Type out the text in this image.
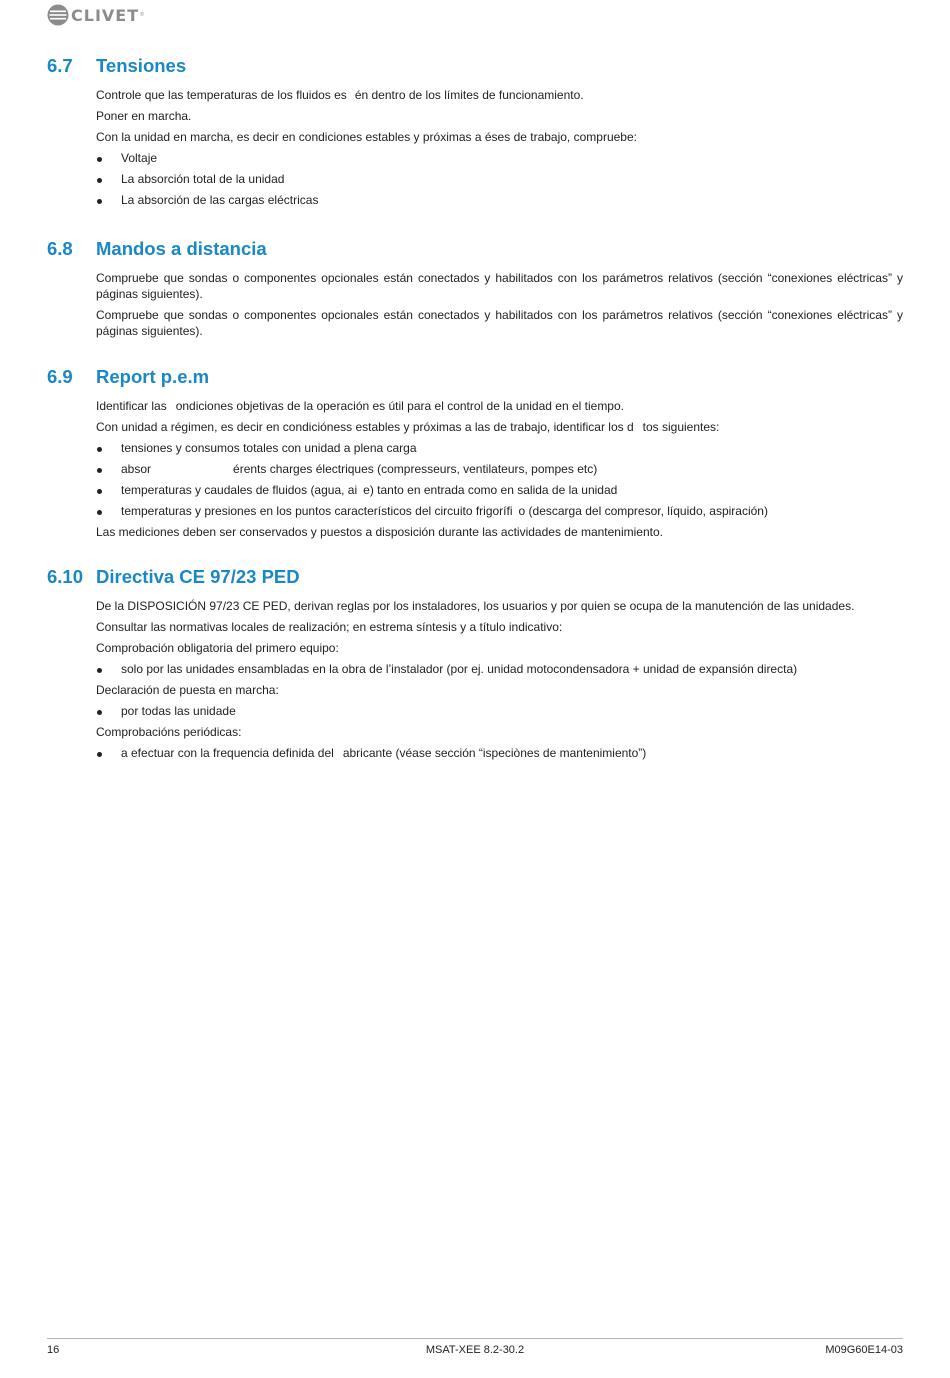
CLIVET ®
6.7	Tensiones

Controle que las temperaturas de los fluidos es én dentro de los límites de funcionamiento.

Poner en marcha.

Con la unidad en marcha, es decir en condiciones estables y próximas a éses de trabajo, compruebe:

Voltaje

La absorción total de la unidad

La absorción de las cargas eléctricas

6.8	Mandos a distancia

Compruebe que sondas o componentes opcionales están conectados y habilitados con los parámetros relativos (sección “conexiones eléctricas” y páginas siguientes).

Compruebe que sondas o componentes opcionales están conectados y habilitados con los parámetros relativos (sección “conexiones eléctricas” y páginas siguientes).

6.9	Report p.e.m

Identificar las ondiciones objetivas de la operación es útil para el control de la unidad en el tiempo.

Con unidad a régimen, es decir en condicióness estables y próximas a las de trabajo, identificar los d tos siguientes:

tensiones y consumos totales con unidad a plena carga

absor	érents charges électriques (compresseurs, ventilateurs, pompes etc)

temperaturas y caudales de fluidos (agua, ai e) tanto en entrada como en salida de la unidad

temperaturas y presiones en los puntos característicos del circuito frigorífi o (descarga del compresor, líquido, aspiración)

Las mediciones deben ser conservados y puestos a disposición durante las actividades de mantenimiento.

6.10 Directiva CE 97/23 PED

De la DISPOSICIÓN 97/23 CE PED, derivan reglas por los instaladores, los usuarios y por quien se ocupa de la manutención de las unidades.

Consultar las normativas locales de realización; en estrema síntesis y a título indicativo:

Comprobación obligatoria del primero equipo:

solo por las unidades ensambladas en la obra de l’instalador (por ej. unidad motocondensadora + unidad de expansión directa)

Declaración de puesta en marcha:

por todas las unidade

Comprobacións periódicas:

a efectuar con la frequencia definida del abricante (véase sección “ispeciònes de mantenimiento”)

16	MSAT-XEE 8.2-30.2	M09G60E14-03
